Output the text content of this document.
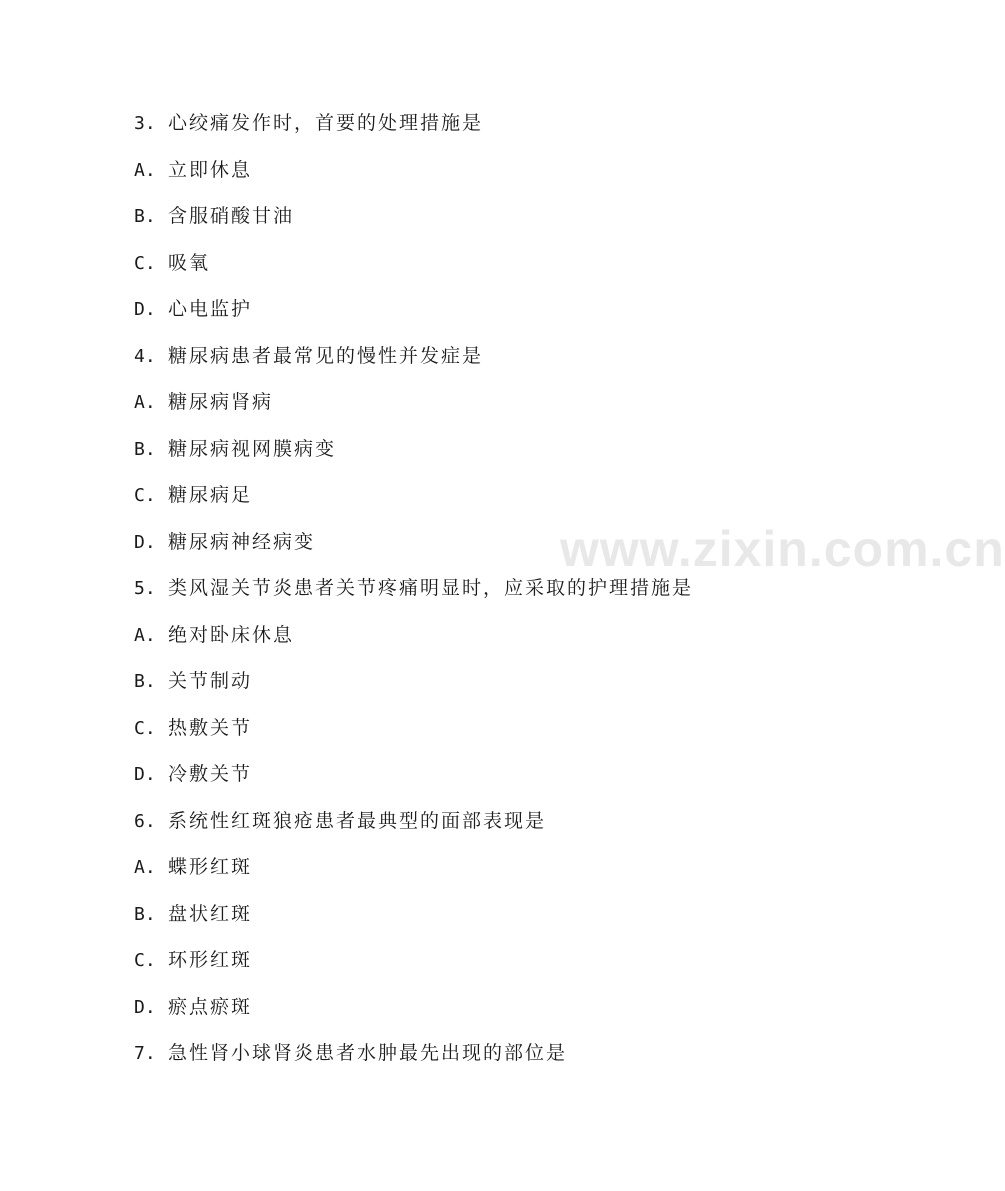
www.zixin.com.cn
3. 心绞痛发作时，首要的处理措施是
A. 立即休息
B. 含服硝酸甘油
C. 吸氧
D. 心电监护
4. 糖尿病患者最常见的慢性并发症是
A. 糖尿病肾病
B. 糖尿病视网膜病变
C. 糖尿病足
D. 糖尿病神经病变
5. 类风湿关节炎患者关节疼痛明显时，应采取的护理措施是
A. 绝对卧床休息
B. 关节制动
C. 热敷关节
D. 冷敷关节
6. 系统性红斑狼疮患者最典型的面部表现是
A. 蝶形红斑
B. 盘状红斑
C. 环形红斑
D. 瘀点瘀斑
7. 急性肾小球肾炎患者水肿最先出现的部位是
